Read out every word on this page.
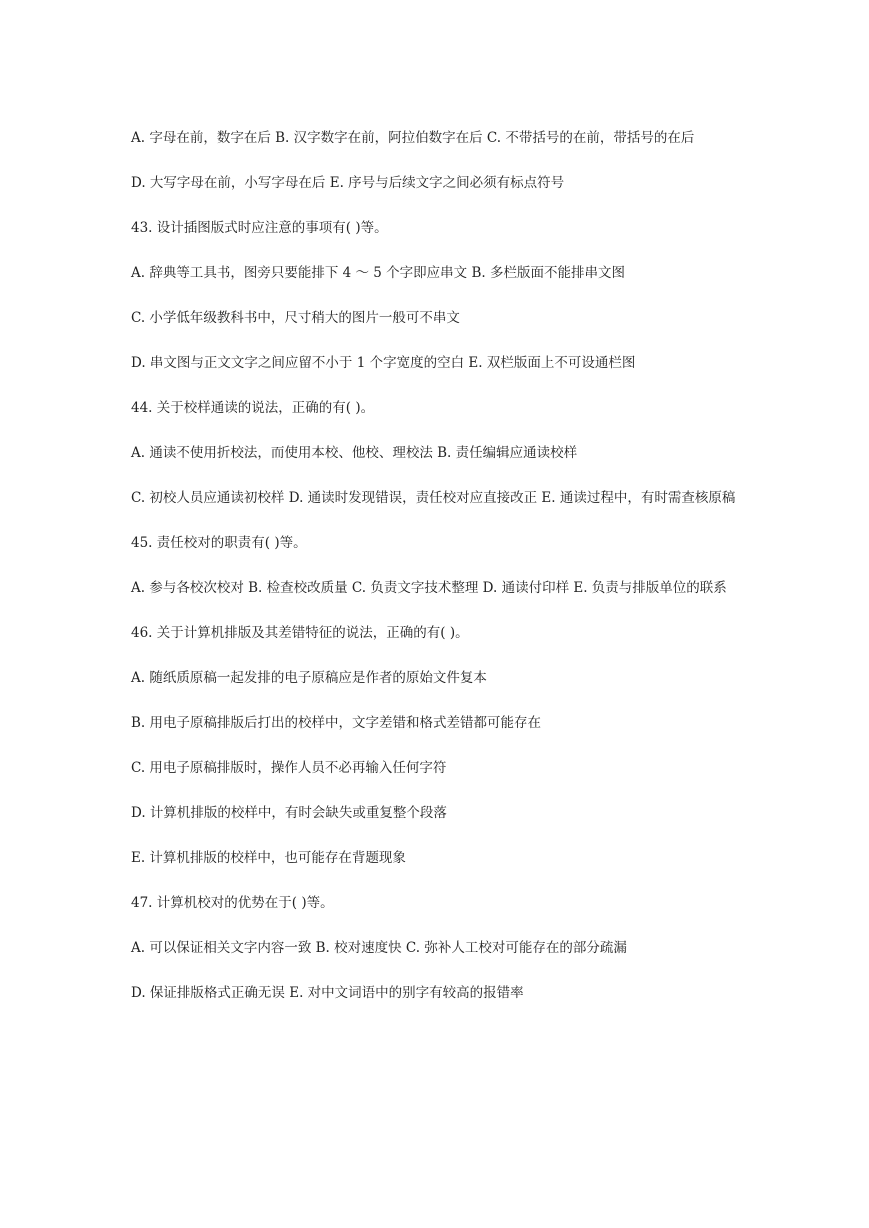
A. 字母在前，数字在后 B. 汉字数字在前，阿拉伯数字在后 C. 不带括号的在前，带括号的在后

D. 大写字母在前，小写字母在后 E. 序号与后续文字之间必须有标点符号

43. 设计插图版式时应注意的事项有( )等。

A. 辞典等工具书，图旁只要能排下 4 ～ 5 个字即应串文 B. 多栏版面不能排串文图

C. 小学低年级教科书中，尺寸稍大的图片一般可不串文

D. 串文图与正文文字之间应留不小于 1 个字宽度的空白 E. 双栏版面上不可设通栏图

44. 关于校样通读的说法，正确的有( )。

A. 通读不使用折校法，而使用本校、他校、理校法 B. 责任编辑应通读校样

C. 初校人员应通读初校样 D. 通读时发现错误，责任校对应直接改正 E. 通读过程中，有时需查核原稿

45. 责任校对的职责有( )等。

A. 参与各校次校对 B. 检查校改质量 C. 负责文字技术整理 D. 通读付印样 E. 负责与排版单位的联系

46. 关于计算机排版及其差错特征的说法，正确的有( )。

A. 随纸质原稿一起发排的电子原稿应是作者的原始文件复本

B. 用电子原稿排版后打出的校样中，文字差错和格式差错都可能存在

C. 用电子原稿排版时，操作人员不必再输入任何字符

D. 计算机排版的校样中，有时会缺失或重复整个段落

E. 计算机排版的校样中，也可能存在背题现象

47. 计算机校对的优势在于( )等。

A. 可以保证相关文字内容一致 B. 校对速度快 C. 弥补人工校对可能存在的部分疏漏

D. 保证排版格式正确无误 E. 对中文词语中的别字有较高的报错率
